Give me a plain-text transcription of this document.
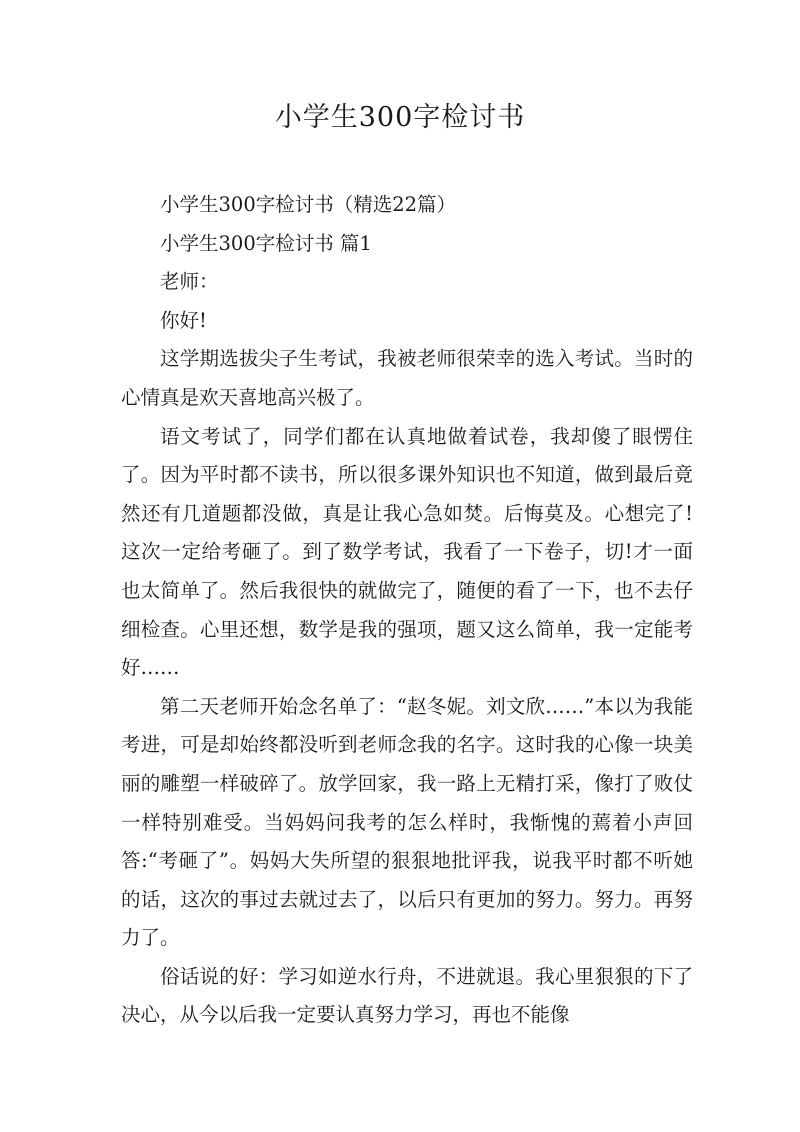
小学生300字检讨书

小学生300字检讨书（精选22篇）

小学生300字检讨书 篇1

老师：

你好!

这学期选拔尖子生考试，我被老师很荣幸的选入考试。当时的心情真是欢天喜地高兴极了。

语文考试了，同学们都在认真地做着试卷，我却傻了眼愣住了。因为平时都不读书，所以很多课外知识也不知道，做到最后竟然还有几道题都没做，真是让我心急如焚。后悔莫及。心想完了!这次一定给考砸了。到了数学考试，我看了一下卷子，切!才一面也太简单了。然后我很快的就做完了，随便的看了一下，也不去仔细检查。心里还想，数学是我的强项，题又这么简单，我一定能考好……

第二天老师开始念名单了：“赵冬妮。刘文欣……”本以为我能考进，可是却始终都没听到老师念我的名字。这时我的心像一块美丽的雕塑一样破碎了。放学回家，我一路上无精打采，像打了败仗一样特别难受。当妈妈问我考的怎么样时，我惭愧的蔫着小声回答:“考砸了”。妈妈大失所望的狠狠地批评我，说我平时都不听她的话，这次的事过去就过去了，以后只有更加的努力。努力。再努力了。

俗话说的好：学习如逆水行舟，不进就退。我心里狠狠的下了决心，从今以后我一定要认真努力学习，再也不能像
